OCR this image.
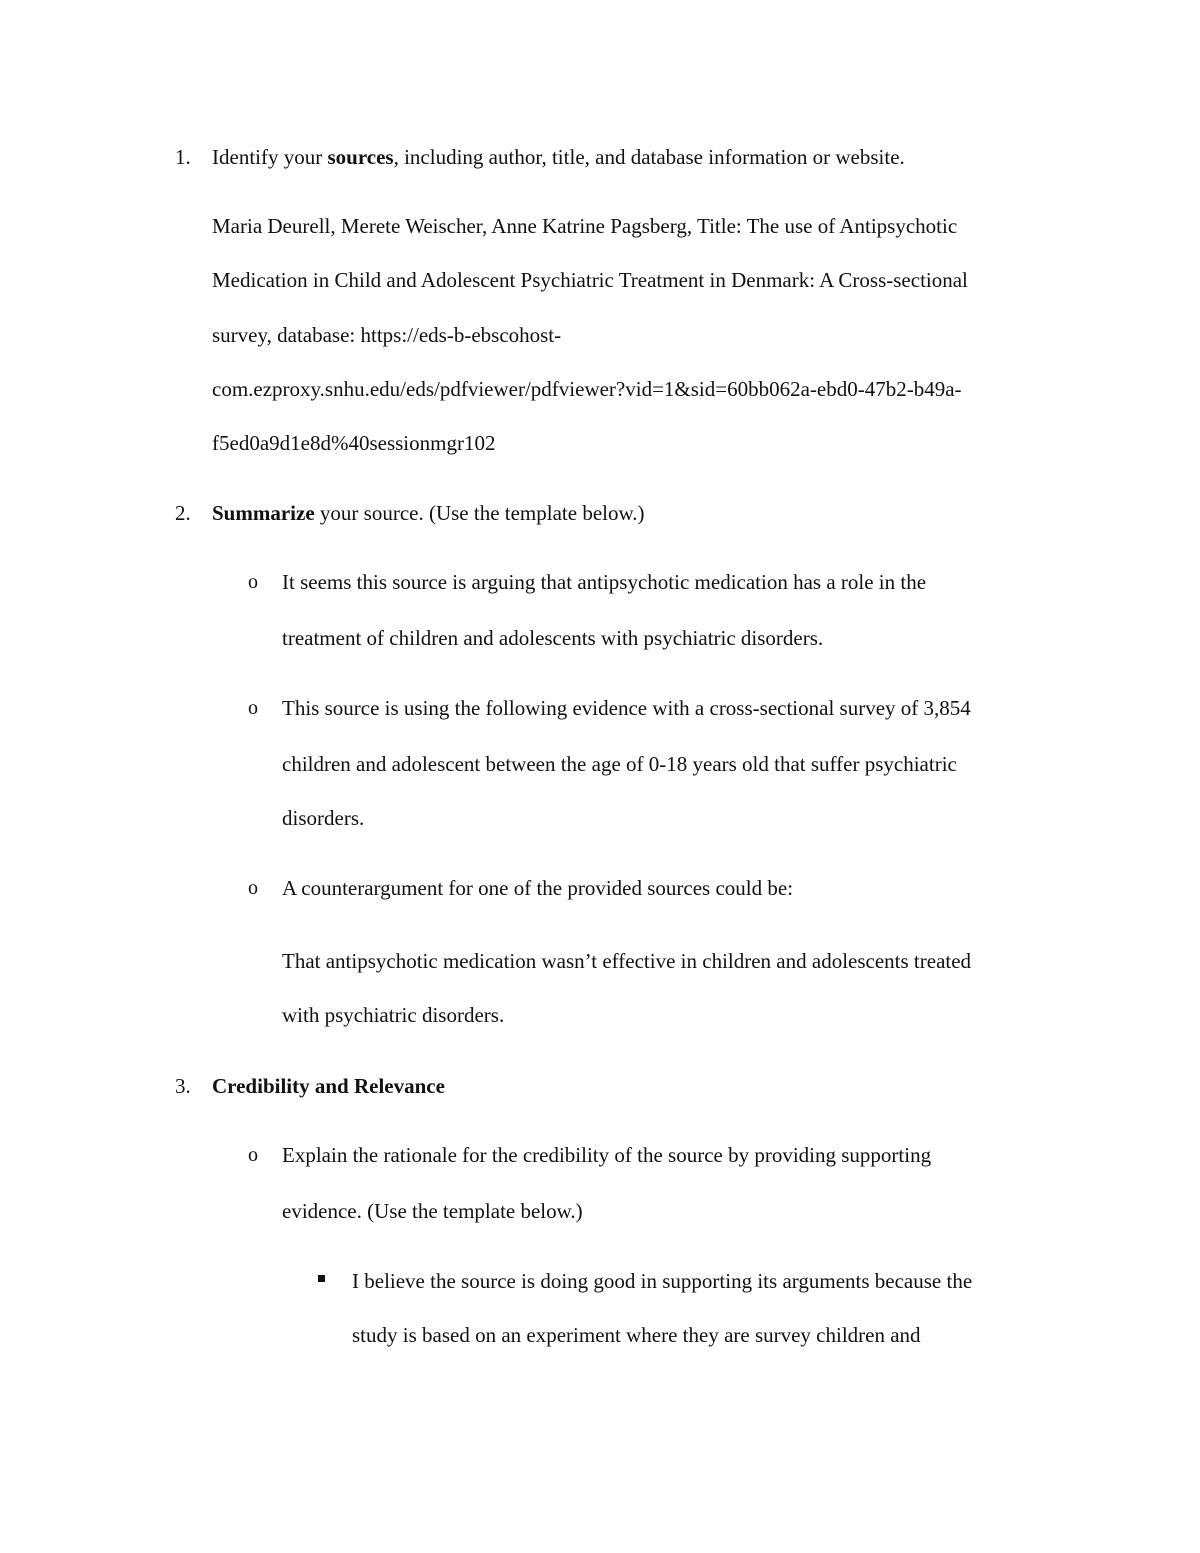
1. Identify your sources, including author, title, and database information or website.
Maria Deurell, Merete Weischer, Anne Katrine Pagsberg, Title: The use of Antipsychotic
Medication in Child and Adolescent Psychiatric Treatment in Denmark: A Cross-sectional
survey, database: https://eds-b-ebscohost-
com.ezproxy.snhu.edu/eds/pdfviewer/pdfviewer?vid=1&sid=60bb062a-ebd0-47b2-b49a-
f5ed0a9d1e8d%40sessionmgr102
2. Summarize your source. (Use the template below.)
o It seems this source is arguing that antipsychotic medication has a role in the
treatment of children and adolescents with psychiatric disorders.
o This source is using the following evidence with a cross-sectional survey of 3,854
children and adolescent between the age of 0-18 years old that suffer psychiatric
disorders.
o A counterargument for one of the provided sources could be:
That antipsychotic medication wasn’t effective in children and adolescents treated
with psychiatric disorders.
3. Credibility and Relevance
o Explain the rationale for the credibility of the source by providing supporting
evidence. (Use the template below.)
I believe the source is doing good in supporting its arguments because the
study is based on an experiment where they are survey children and
